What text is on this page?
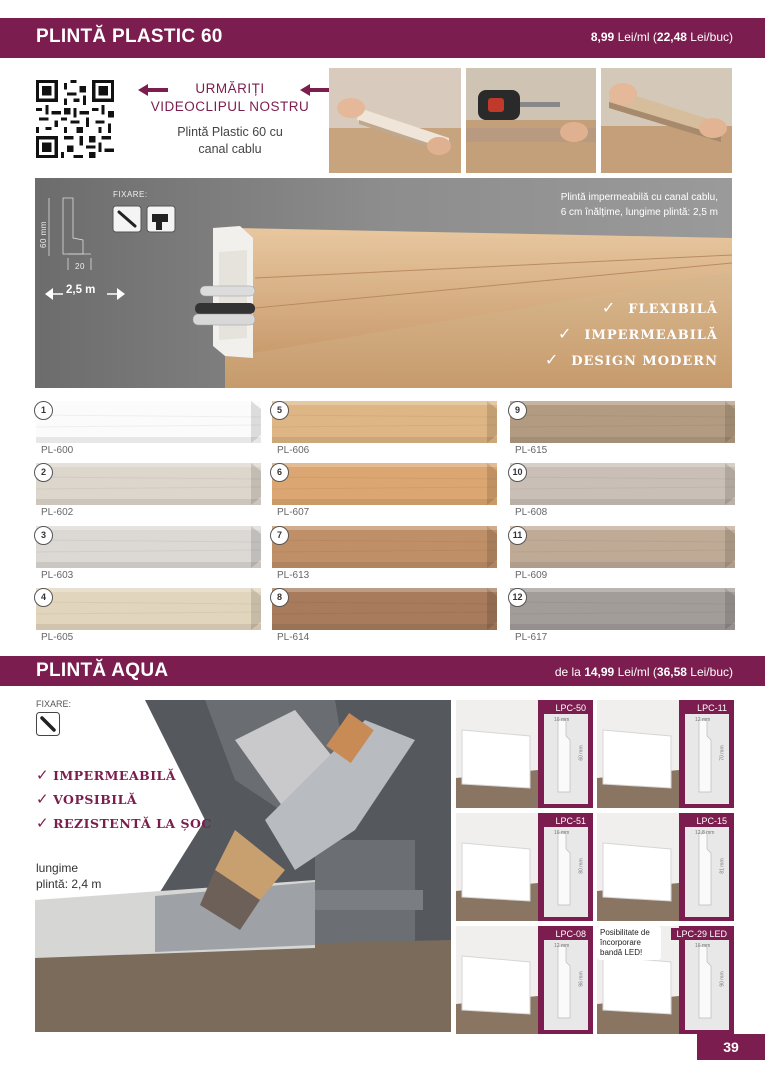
PLINTĂ PLASTIC 60	8,99 Lei/ml (22,48 Lei/buc)
URMĂRIȚI
VIDEOCLIPUL NOSTRU
Plintă Plastic 60 cu
canal cablu
FIXARE:
60 mm
20
2,5 m
Plintă impermeabilă cu canal cablu,
6 cm înălțime, lungime plintă: 2,5 m
✓ FLEXIBILĂ
✓ IMPERMEABILĂ
✓ DESIGN MODERN
1
PL-600
2
PL-602
3
PL-603
4
PL-605
5
PL-606
6
PL-607
7
PL-613
8
PL-614
9
PL-615
10
PL-608
11
PL-609
12
PL-617
PLINTĂ AQUA	de la 14,99 Lei/ml (36,58 Lei/buc)
FIXARE:
✓ IMPERMEABILĂ
✓ VOPSIBILĂ
✓ REZISTENTĂ LA ȘOC
lungime
plintă: 2,4 m
LPC-50
60 mm
16 mm
LPC-11
70 mm
12 mm
LPC-51
80 mm
16 mm
LPC-15
81 mm
12,8 mm
LPC-08
96 mm
12 mm
LPC-29 LED
90 mm
16 mm
Posibilitate de încorporare bandă LED!
39
